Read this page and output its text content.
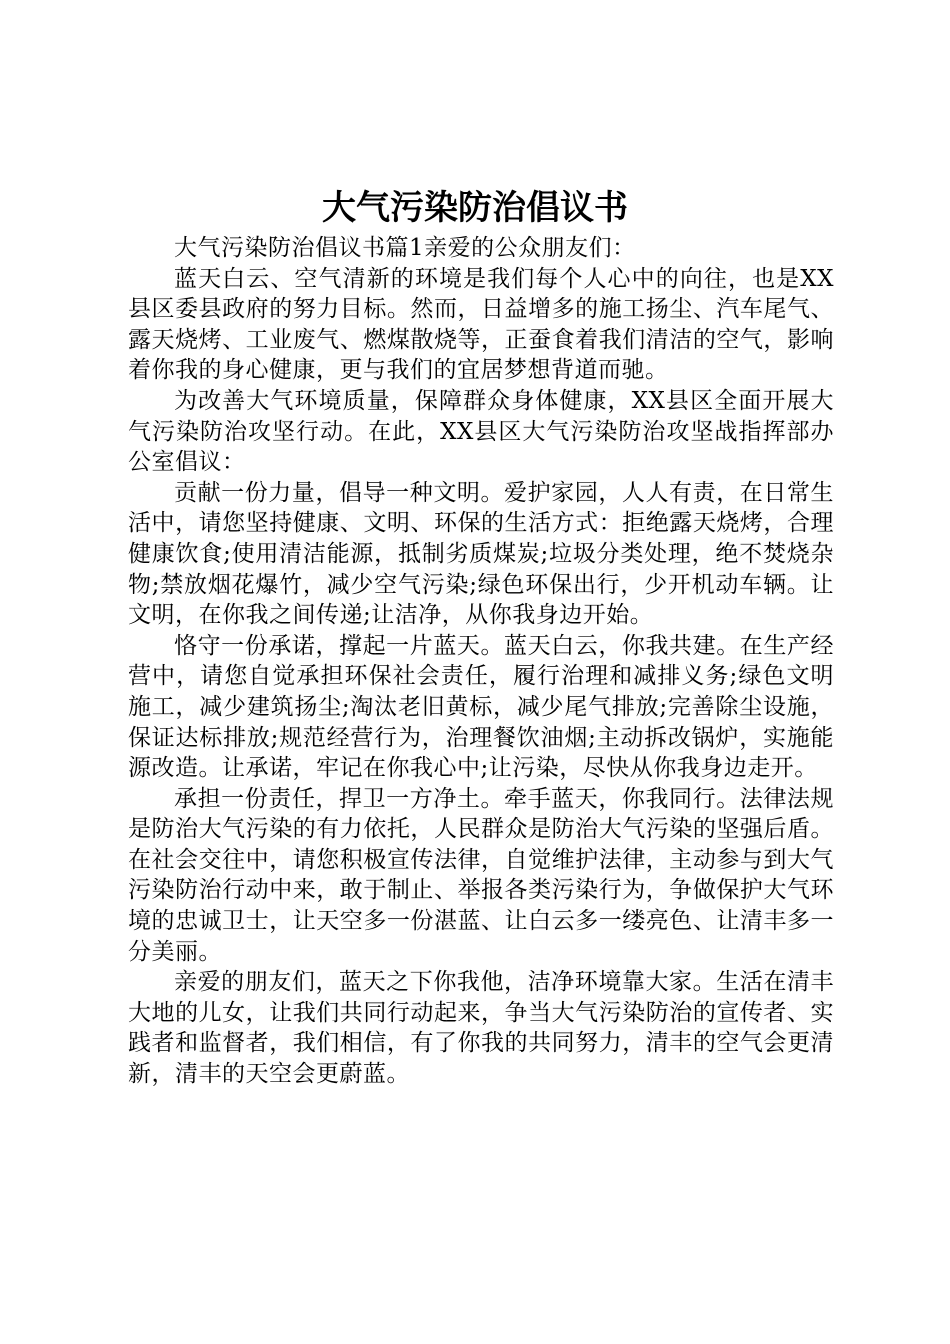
大气污染防治倡议书

大气污染防治倡议书篇1亲爱的公众朋友们：

蓝天白云、空气清新的环境是我们每个人心中的向往，也是XX县区委县政府的努力目标。然而，日益增多的施工扬尘、汽车尾气、露天烧烤、工业废气、燃煤散烧等，正蚕食着我们清洁的空气，影响着你我的身心健康，更与我们的宜居梦想背道而驰。

为改善大气环境质量，保障群众身体健康，XX县区全面开展大气污染防治攻坚行动。在此，XX县区大气污染防治攻坚战指挥部办公室倡议：

贡献一份力量，倡导一种文明。爱护家园，人人有责，在日常生活中，请您坚持健康、文明、环保的生活方式：拒绝露天烧烤，合理健康饮食;使用清洁能源，抵制劣质煤炭;垃圾分类处理，绝不焚烧杂物;禁放烟花爆竹，减少空气污染;绿色环保出行，少开机动车辆。让文明，在你我之间传递;让洁净，从你我身边开始。

恪守一份承诺，撑起一片蓝天。蓝天白云，你我共建。在生产经营中，请您自觉承担环保社会责任，履行治理和减排义务;绿色文明施工，减少建筑扬尘;淘汰老旧黄标，减少尾气排放;完善除尘设施，保证达标排放;规范经营行为，治理餐饮油烟;主动拆改锅炉，实施能源改造。让承诺，牢记在你我心中;让污染，尽快从你我身边走开。

承担一份责任，捍卫一方净土。牵手蓝天，你我同行。法律法规是防治大气污染的有力依托，人民群众是防治大气污染的坚强后盾。在社会交往中，请您积极宣传法律，自觉维护法律，主动参与到大气污染防治行动中来，敢于制止、举报各类污染行为，争做保护大气环境的忠诚卫士，让天空多一份湛蓝、让白云多一缕亮色、让清丰多一分美丽。

亲爱的朋友们，蓝天之下你我他，洁净环境靠大家。生活在清丰大地的儿女，让我们共同行动起来，争当大气污染防治的宣传者、实践者和监督者，我们相信，有了你我的共同努力，清丰的空气会更清新，清丰的天空会更蔚蓝。
